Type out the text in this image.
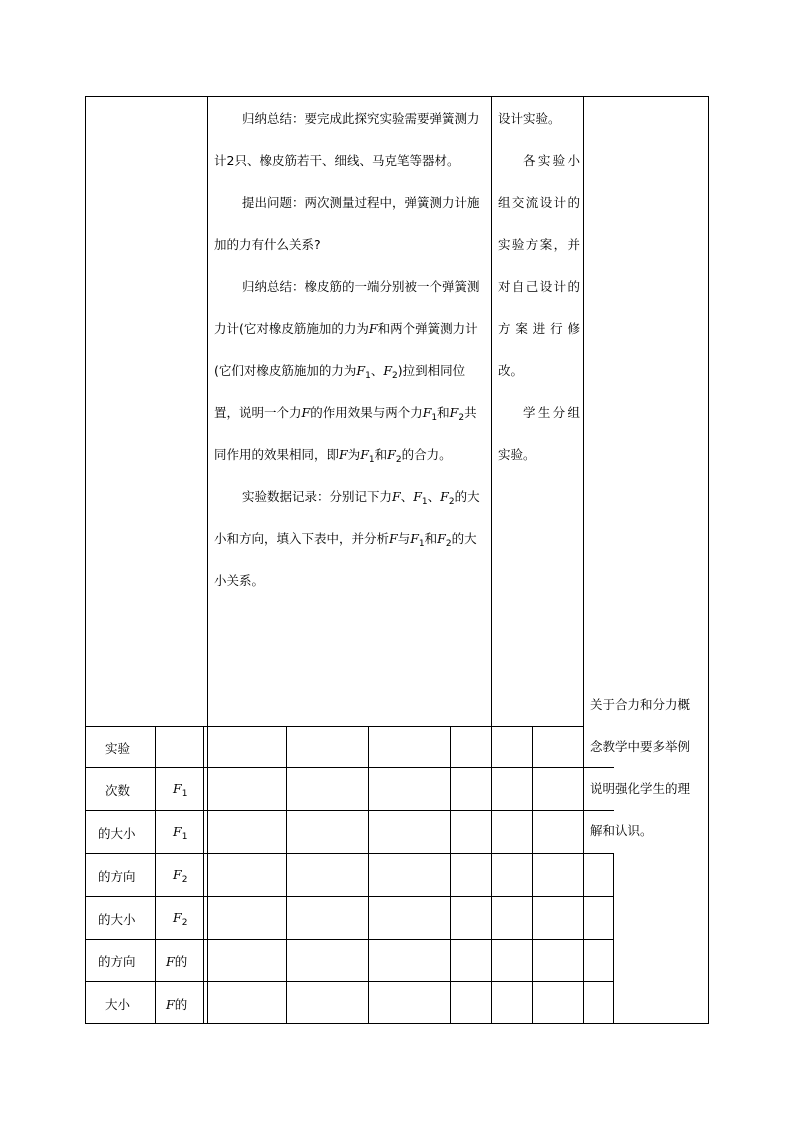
归纳总结：要完成此探究实验需要弹簧测力计2只、橡皮筋若干、细线、马克笔等器材。

提出问题：两次测量过程中，弹簧测力计施加的力有什么关系?

归纳总结：橡皮筋的一端分别被一个弹簧测力计(它对橡皮筋施加的力为F和两个弹簧测力计(它们对橡皮筋施加的力为$F_1$、$F_2$)拉到相同位置，说明一个力F的作用效果与两个力$F_1$和$F_2$共同作用的效果相同，即F为$F_1$和$F_2$的合力。

实验数据记录：分别记下力F、$F_1$、$F_2$的大小和方向，填入下表中，并分析F与$F_1$和$F_2$的大小关系。

设计实验。

各实验小组交流设计的实验方案，并对自己设计的方案进行修改。

学生分组实验。

关于合力和分力概念教学中要多举例说明强化学生的理解和认识。
实验
次数
的大小
的方向
的大小
的方向
大小
$F_1$
$F_1$
$F_2$
$F_2$
F的
F的
